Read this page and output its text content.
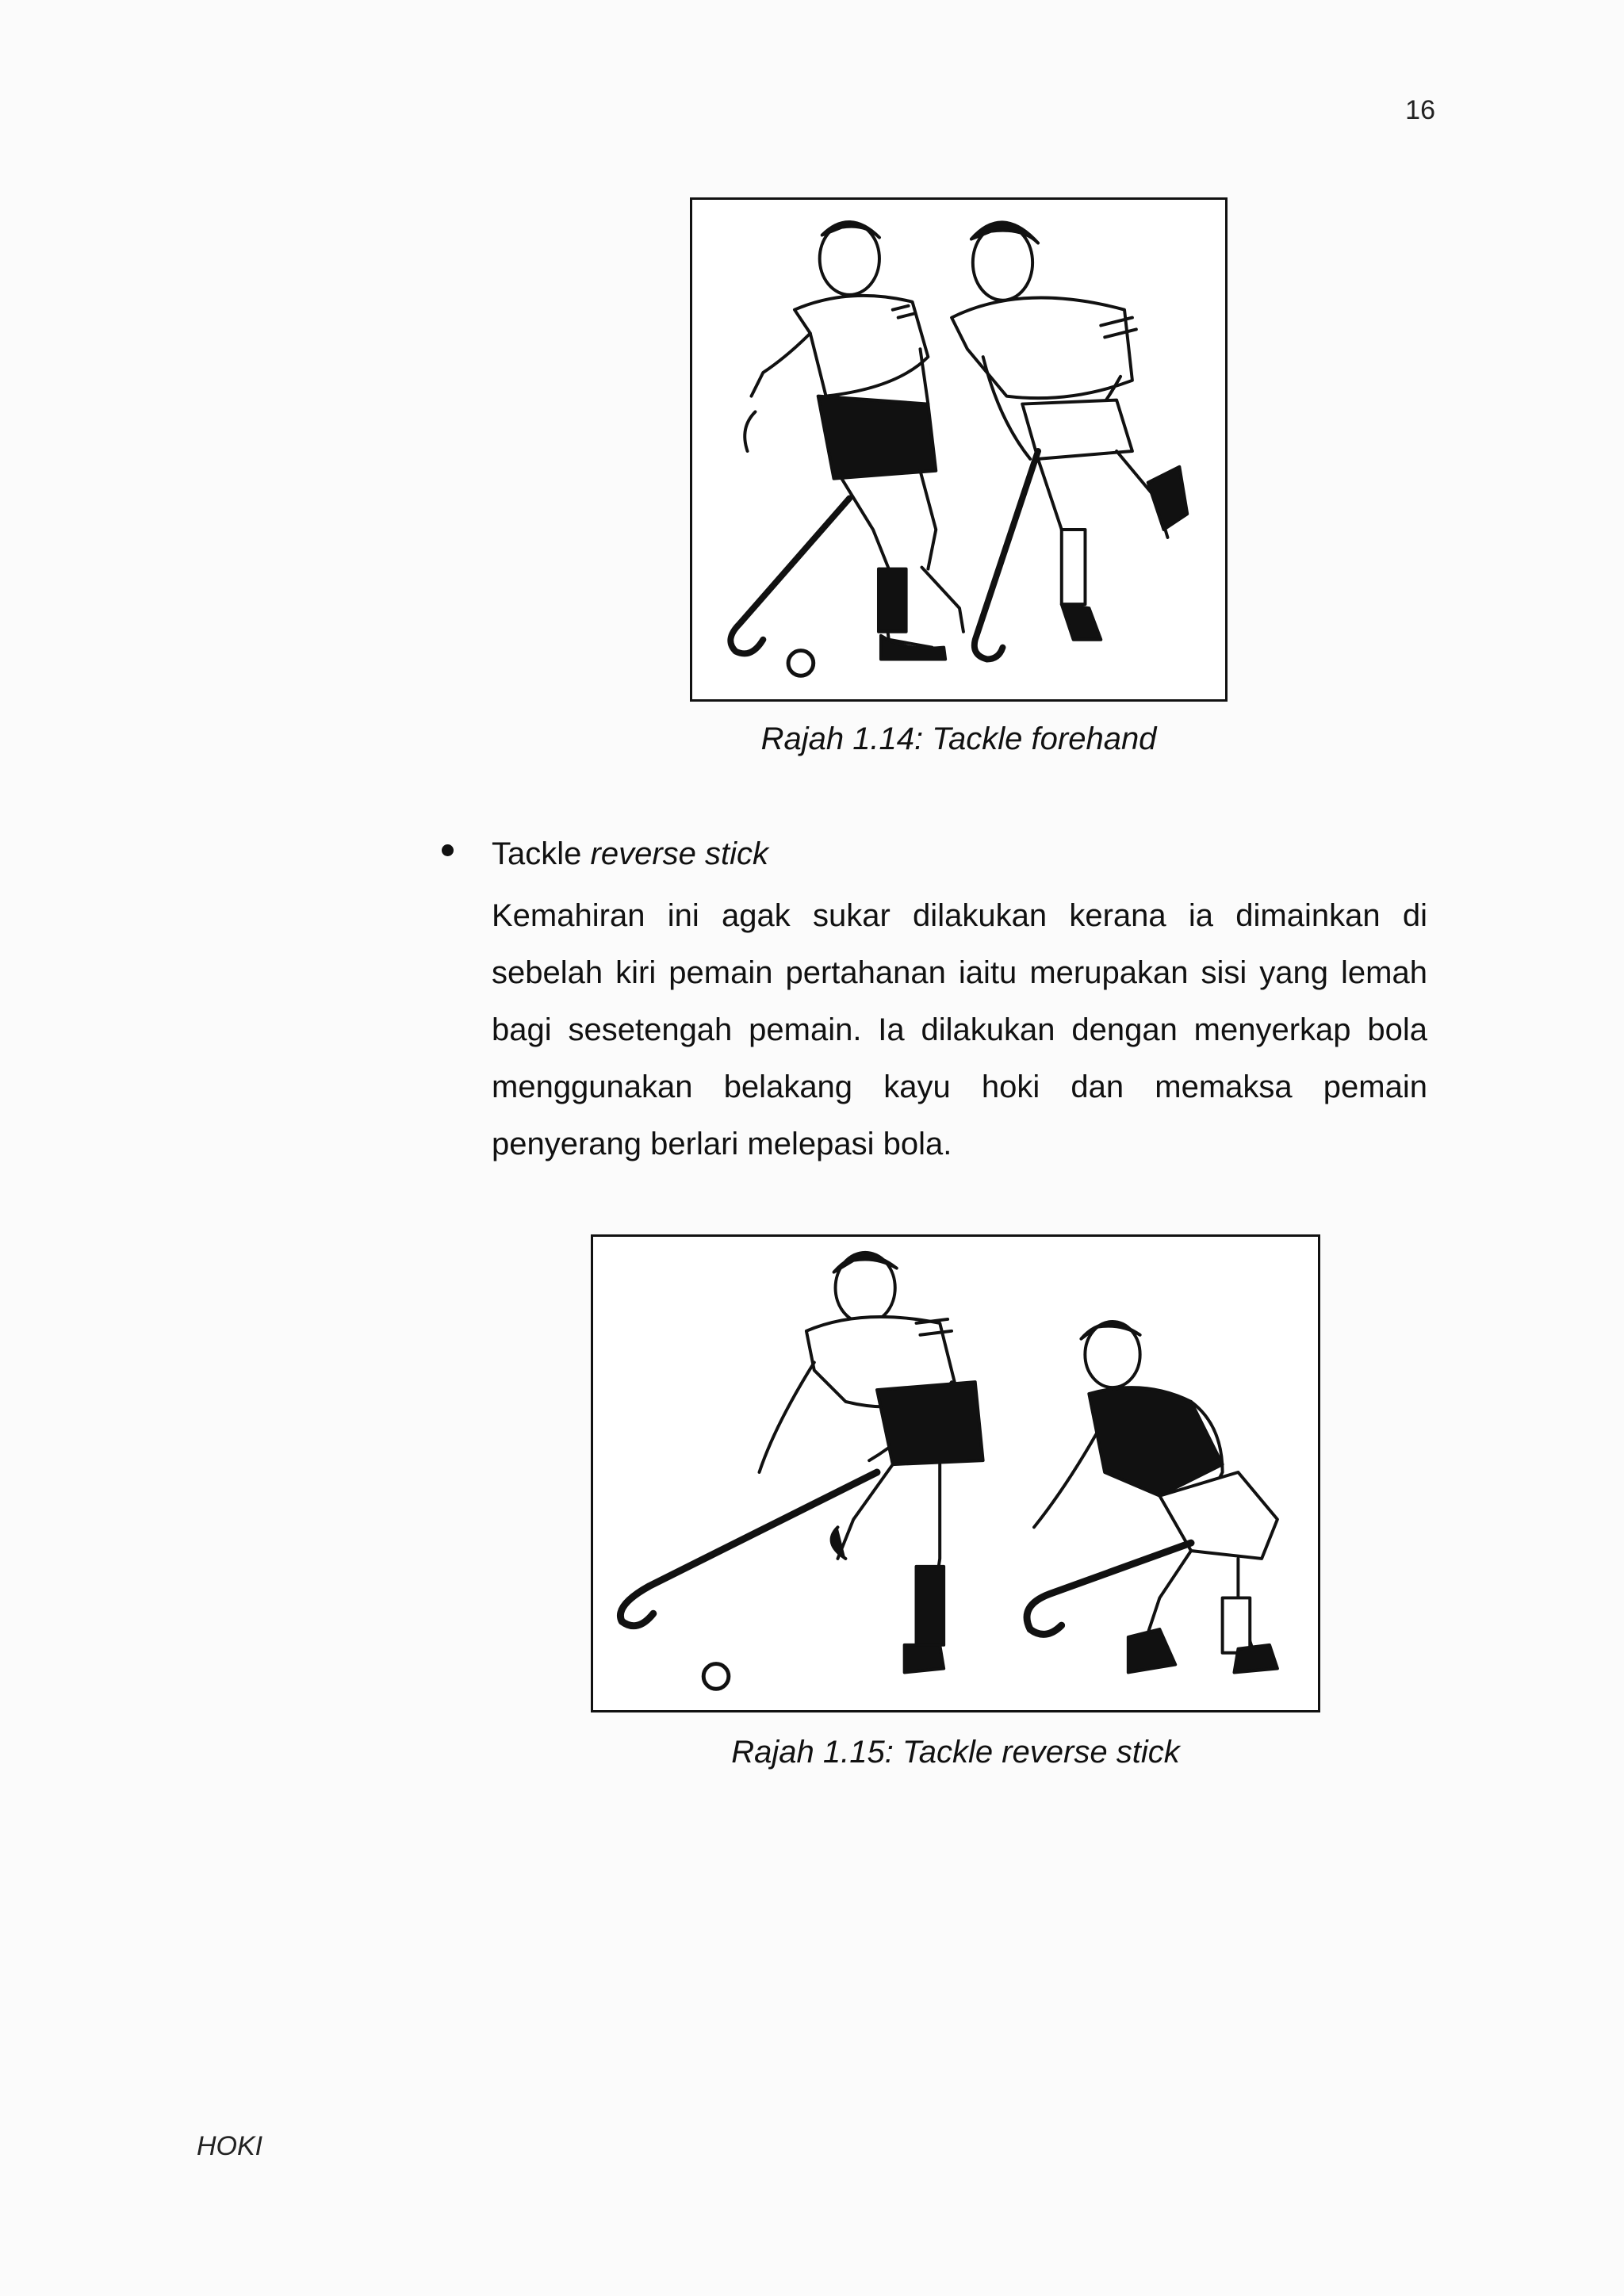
16
Rajah 1.14: Tackle forehand
Tackle reverse stick
Kemahiran ini agak sukar dilakukan kerana ia dimainkan di
sebelah kiri pemain pertahanan iaitu merupakan sisi yang lemah
bagi sesetengah pemain. Ia dilakukan dengan menyerkap bola
menggunakan belakang kayu hoki dan memaksa pemain
penyerang berlari melepasi bola.
Rajah 1.15: Tackle reverse stick
HOKI
